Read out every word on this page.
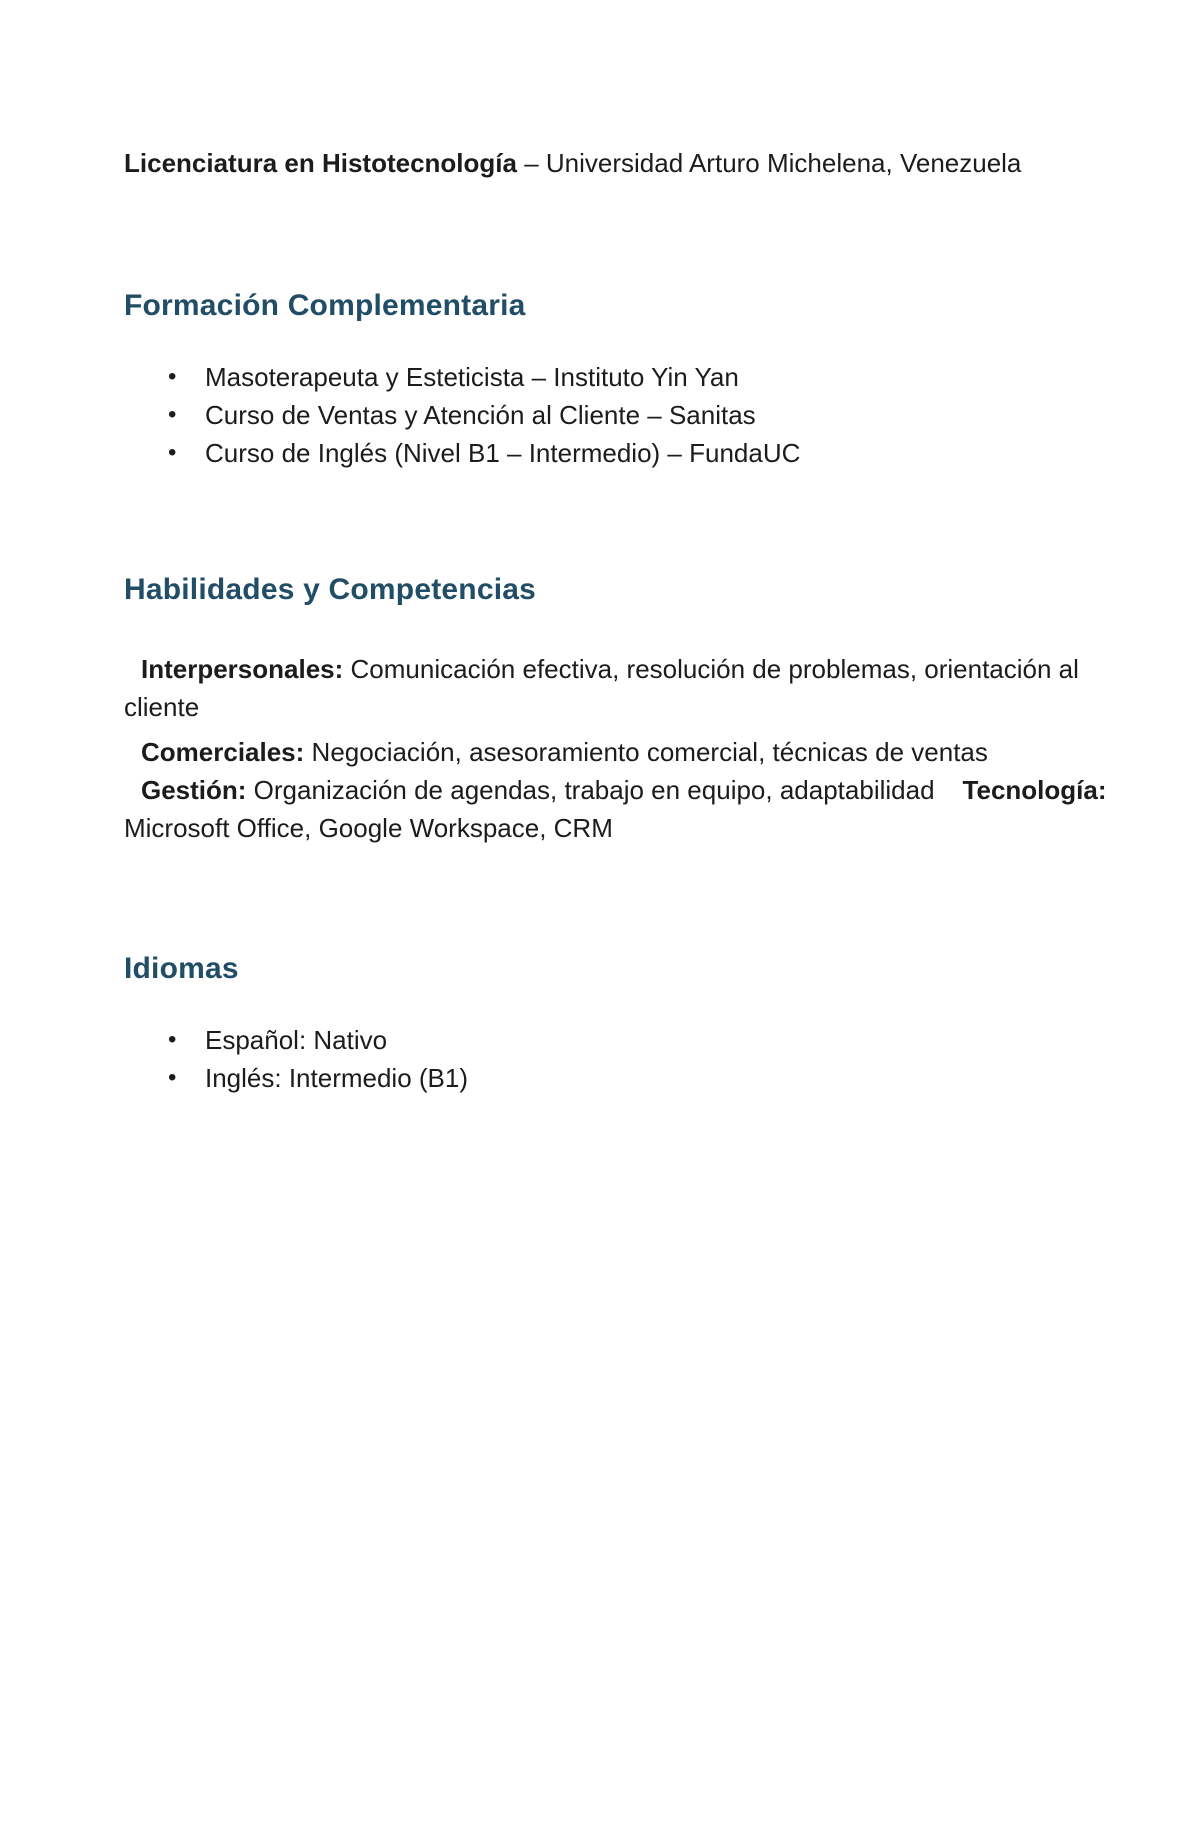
Licenciatura en Histotecnología – Universidad Arturo Michelena, Venezuela

Formación Complementaria
• Masoterapeuta y Esteticista – Instituto Yin Yan
• Curso de Ventas y Atención al Cliente – Sanitas
• Curso de Inglés (Nivel B1 – Intermedio) – FundaUC
Habilidades y Competencias
Interpersonales: Comunicación efectiva, resolución de problemas, orientación al
cliente
Comerciales: Negociación, asesoramiento comercial, técnicas de ventas
Gestión: Organización de agendas, trabajo en equipo, adaptabilidad Tecnología:
Microsoft Office, Google Workspace, CRM
Idiomas
• Español: Nativo
• Inglés: Intermedio (B1)
